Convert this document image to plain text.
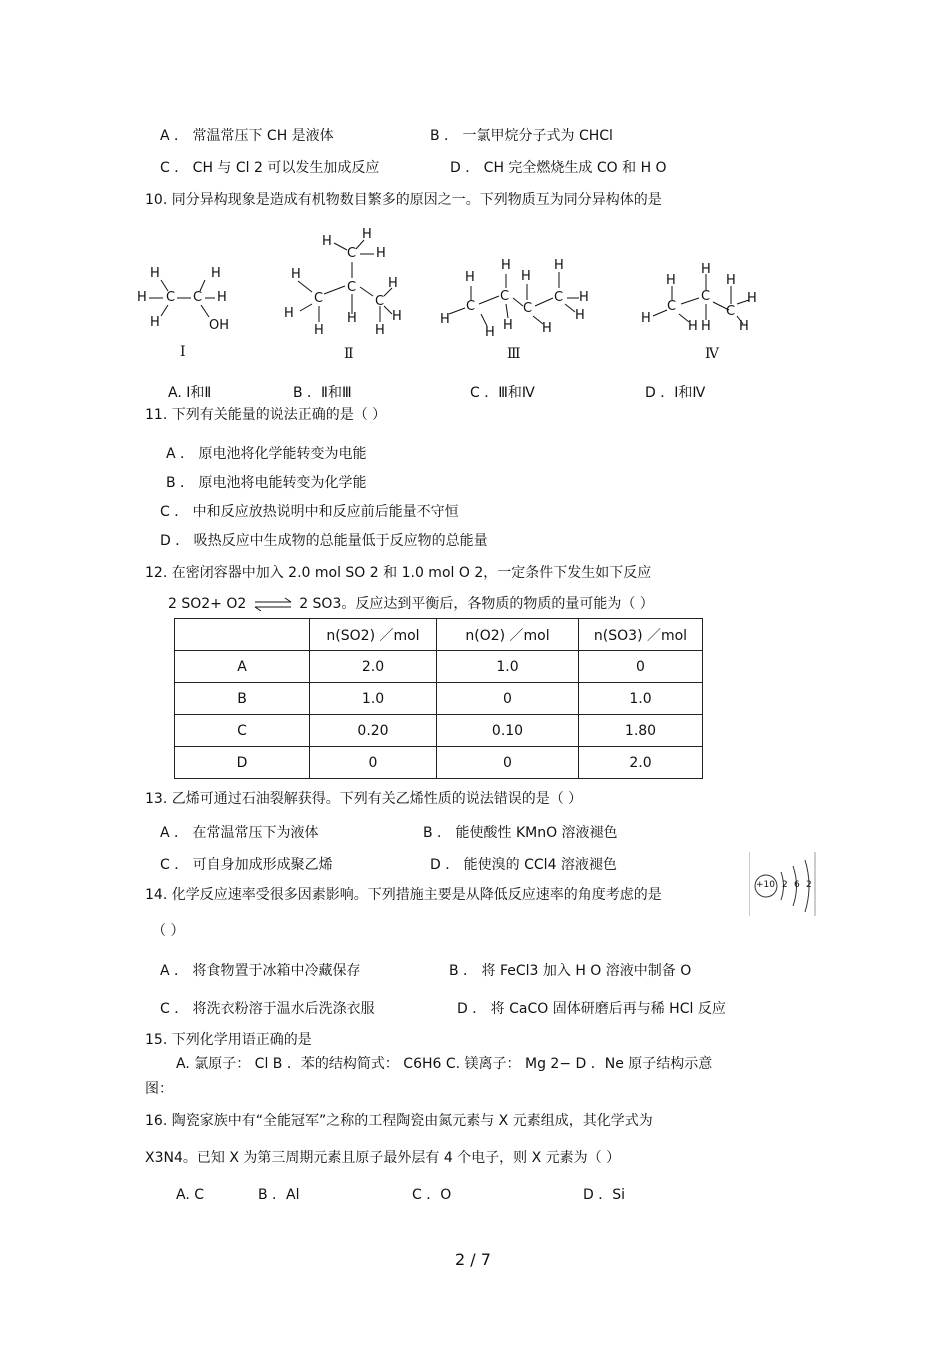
A ． 常温常压下 CH 是液体	B ． 一氯甲烷分子式为 CHCl
C ． CH 与 Cl 2 可以发生加成反应	D ． CH 完全燃烧生成 CO 和 H O
10. 同分异构现象是造成有机物数目繁多的原因之一。下列物质互为同分异构体的是
H	H
H C C H
H	OH
Ⅰ
H H
H
C
H
C
C	C
H
H	H	H
H	H
Ⅱ
H
H
H
H
C	C H
C	C	H
H	H
H	H
Ⅲ
H
H
H
C	H
C	C
H
H H H
Ⅳ
A. Ⅰ和Ⅱ	B ．Ⅱ和Ⅲ	C ．Ⅲ和Ⅳ	D ．Ⅰ和Ⅳ
11. 下列有关能量的说法正确的是（ ）
A ． 原电池将化学能转变为电能
B ． 原电池将电能转变为化学能
C ． 中和反应放热说明中和反应前后能量不守恒
D ． 吸热反应中生成物的总能量低于反应物的总能量
12. 在密闭容器中加入 2.0 mol SO 2 和 1.0 mol O 2，一定条件下发生如下反应
2 SO2+ O2 ⇌ 2 SO3。反应达到平衡后，各物质的物质的量可能为（ ）
	n(SO2) ／mol	n(O2) ／mol	n(SO3) ／mol
A	2.0	1.0	0
B	1.0	0	1.0
C	0.20	0.10	1.80
D	0	0	2.0
13. 乙烯可通过石油裂解获得。下列有关乙烯性质的说法错误的是（ ）
A ． 在常温常压下为液体	B ． 能使酸性 KMnO 溶液褪色
C ． 可自身加成形成聚乙烯	D ． 能使溴的 CCl4 溶液褪色
+10 2 6 2
14. 化学反应速率受很多因素影响。下列措施主要是从降低反应速率的角度考虑的是
（ ）
A ． 将食物置于冰箱中冷藏保存	B ． 将 FeCl3 加入 H O 溶液中制备 O
C ． 将洗衣粉溶于温水后洗涤衣服	D ． 将 CaCO 固体研磨后再与稀 HCl 反应
15. 下列化学用语正确的是
A. 氯原子： Cl B ．苯的结构简式： C6H6 C. 镁离子： Mg 2− D ．Ne 原子结构示意
图：
16. 陶瓷家族中有“全能冠军”之称的工程陶瓷由氮元素与 X 元素组成，其化学式为
X3N4。已知 X 为第三周期元素且原子最外层有 4 个电子，则 X 元素为（ ）
A. C	B ．Al	C ．O	D ．Si
2 / 7
